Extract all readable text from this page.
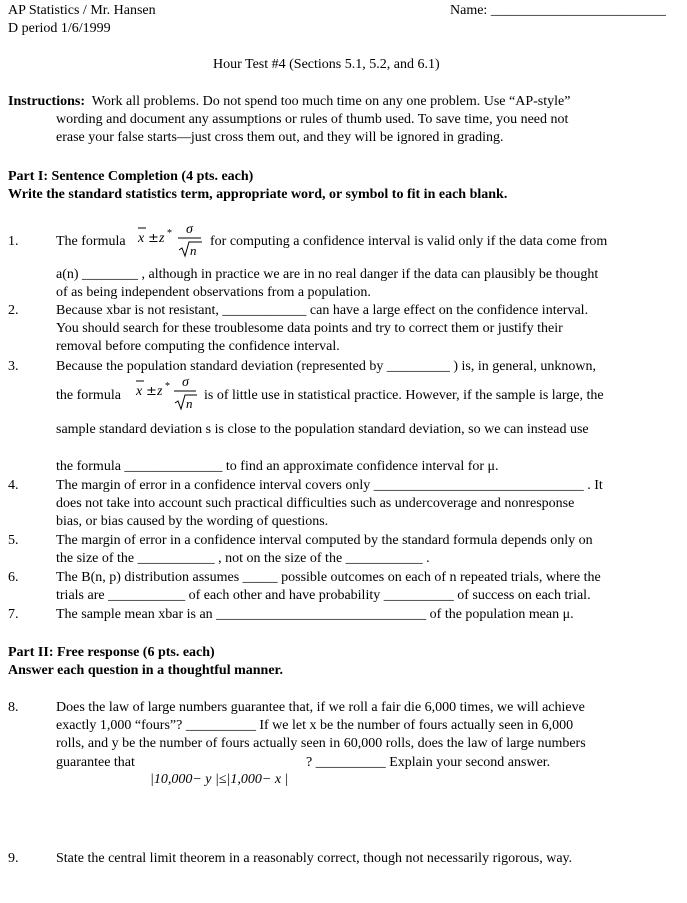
AP Statistics / Mr. Hansen	Name: _________________________
D period 1/6/1999
Hour Test #4 (Sections 5.1, 5.2, and 6.1)
Instructions: Work all problems. Do not spend too much time on any one problem. Use “AP-style”
wording and document any assumptions or rules of thumb used. To save time, you need not
erase your false starts—just cross them out, and they will be ignored in grading.
Part I: Sentence Completion (4 pts. each)
Write the standard statistics term, appropriate word, or symbol to fit in each blank.
1.	The formula x ± z * σ
n
for computing a confidence interval is valid only if the data come from
a(n) ________ , although in practice we are in no real danger if the data can plausibly be thought
of as being independent observations from a population.
2.	Because xbar is not resistant, ____________ can have a large effect on the confidence interval.
You should search for these troublesome data points and try to correct them or justify their
removal before computing the confidence interval.
3.	Because the population standard deviation (represented by _________ ) is, in general, unknown,
the formula x ± z * σ
n
is of little use in statistical practice. However, if the sample is large, the
sample standard deviation s is close to the population standard deviation, so we can instead use
the formula ______________ to find an approximate confidence interval for μ.
4.	The margin of error in a confidence interval covers only ______________________________ . It
does not take into account such practical difficulties such as undercoverage and nonresponse
bias, or bias caused by the wording of questions.
5.	The margin of error in a confidence interval computed by the standard formula depends only on
the size of the ___________ , not on the size of the ___________ .
6.	The B(n, p) distribution assumes _____ possible outcomes on each of n repeated trials, where the
trials are ___________ of each other and have probability __________ of success on each trial.
7.	The sample mean xbar is an ______________________________ of the population mean μ.
Part II: Free response (6 pts. each)
Answer each question in a thoughtful manner.
8.	Does the law of large numbers guarantee that, if we roll a fair die 6,000 times, we will achieve
exactly 1,000 “fours”? __________ If we let x be the number of fours actually seen in 6,000
rolls, and y be the number of fours actually seen in 60,000 rolls, does the law of large numbers
guarantee that	? __________ Explain your second answer.
|10,000− y |≤|1,000− x |
9.	State the central limit theorem in a reasonably correct, though not necessarily rigorous, way.
